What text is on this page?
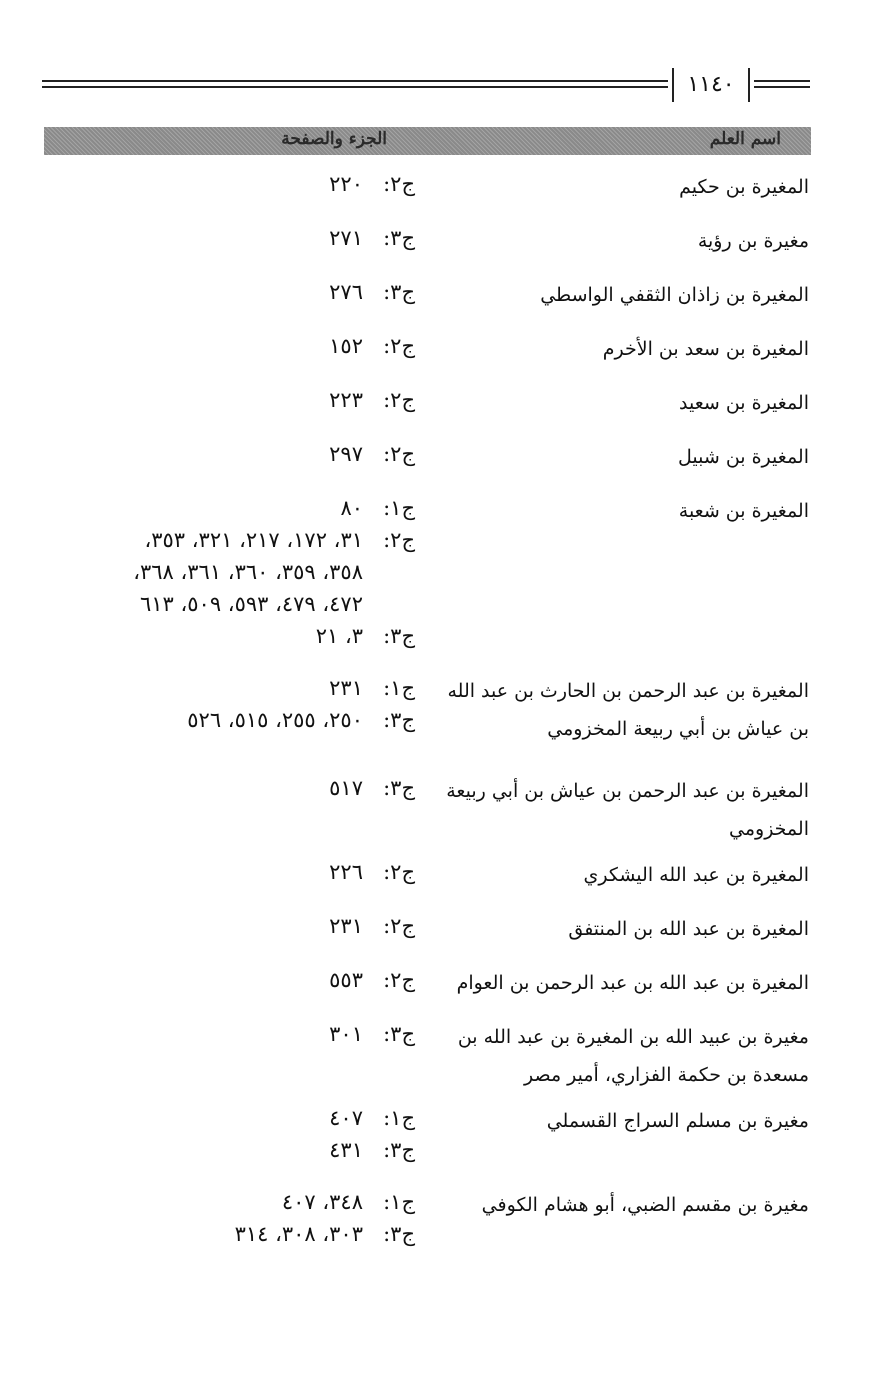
١١٤٠
اسم العلم
الجزء والصفحة
المغيرة بن حكيم
ج٢:
٢٢٠
مغيرة بن رؤية
ج٣:
٢٧١
المغيرة بن زاذان الثقفي الواسطي
ج٣:
٢٧٦
المغيرة بن سعد بن الأخرم
ج٢:
١٥٢
المغيرة بن سعيد
ج٢:
٢٢٣
المغيرة بن شبيل
ج٢:
٢٩٧
المغيرة بن شعبة
ج١:
٨٠
ج٢:
٣١، ١٧٢، ٢١٧، ٣٢١، ٣٥٣،
٣٥٨، ٣٥٩، ٣٦٠، ٣٦١، ٣٦٨،
٤٧٢، ٤٧٩، ٥٩٣، ٥٠٩، ٦١٣
ج٣:
٣، ٢١
المغيرة بن عبد الرحمن بن الحارث بن عبد الله بن عياش بن أبي ربيعة المخزومي
ج١:
٢٣١
ج٣:
٢٥٠، ٢٥٥، ٥١٥، ٥٢٦
المغيرة بن عبد الرحمن بن عياش بن أبي ربيعة المخزومي
ج٣:
٥١٧
المغيرة بن عبد الله اليشكري
ج٢:
٢٢٦
المغيرة بن عبد الله بن المنتفق
ج٢:
٢٣١
المغيرة بن عبد الله بن عبد الرحمن بن العوام
ج٢:
٥٥٣
مغيرة بن عبيد الله بن المغيرة بن عبد الله بن مسعدة بن حكمة الفزاري، أمير مصر
ج٣:
٣٠١
مغيرة بن مسلم السراج القسملي
ج١:
٤٠٧
ج٣:
٤٣١
مغيرة بن مقسم الضبي، أبو هشام الكوفي
ج١:
٣٤٨، ٤٠٧
ج٣:
٣٠٣، ٣٠٨، ٣١٤
